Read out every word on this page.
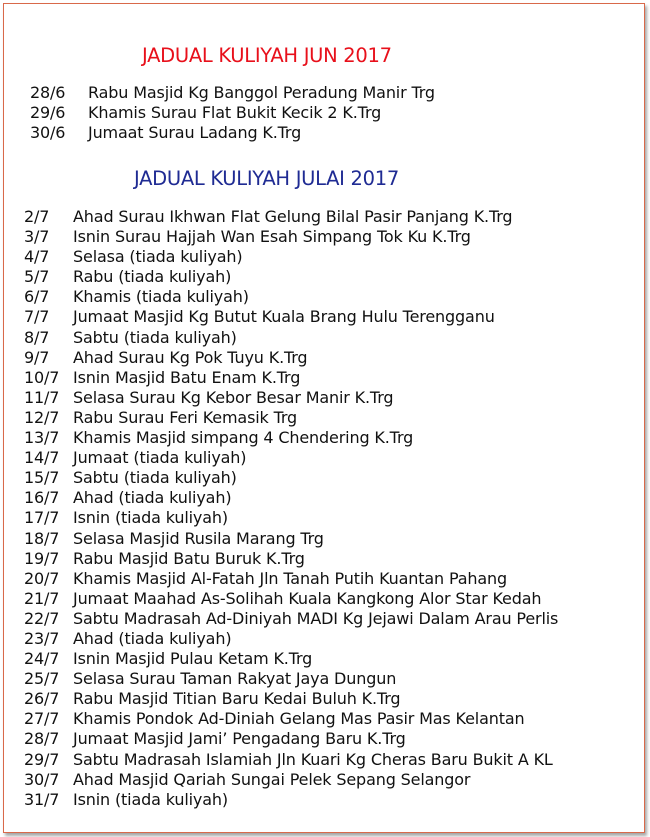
JADUAL KULIYAH JUN 2017
28/6 Rabu Masjid Kg Banggol Peradung Manir Trg
29/6 Khamis Surau Flat Bukit Kecik 2 K.Trg
30/6 Jumaat Surau Ladang K.Trg
JADUAL KULIYAH JULAI 2017
2/7 Ahad Surau Ikhwan Flat Gelung Bilal Pasir Panjang K.Trg
3/7 Isnin Surau Hajjah Wan Esah Simpang Tok Ku K.Trg
4/7 Selasa (tiada kuliyah)
5/7 Rabu (tiada kuliyah)
6/7 Khamis (tiada kuliyah)
7/7 Jumaat Masjid Kg Butut Kuala Brang Hulu Terengganu
8/7 Sabtu (tiada kuliyah)
9/7 Ahad Surau Kg Pok Tuyu K.Trg
10/7 Isnin Masjid Batu Enam K.Trg
11/7 Selasa Surau Kg Kebor Besar Manir K.Trg
12/7 Rabu Surau Feri Kemasik Trg
13/7 Khamis Masjid simpang 4 Chendering K.Trg
14/7 Jumaat (tiada kuliyah)
15/7 Sabtu (tiada kuliyah)
16/7 Ahad (tiada kuliyah)
17/7 Isnin (tiada kuliyah)
18/7 Selasa Masjid Rusila Marang Trg
19/7 Rabu Masjid Batu Buruk K.Trg
20/7 Khamis Masjid Al-Fatah Jln Tanah Putih Kuantan Pahang
21/7 Jumaat Maahad As-Solihah Kuala Kangkong Alor Star Kedah
22/7 Sabtu Madrasah Ad-Diniyah MADI Kg Jejawi Dalam Arau Perlis
23/7 Ahad (tiada kuliyah)
24/7 Isnin Masjid Pulau Ketam K.Trg
25/7 Selasa Surau Taman Rakyat Jaya Dungun
26/7 Rabu Masjid Titian Baru Kedai Buluh K.Trg
27/7 Khamis Pondok Ad-Diniah Gelang Mas Pasir Mas Kelantan
28/7 Jumaat Masjid Jami’ Pengadang Baru K.Trg
29/7 Sabtu Madrasah Islamiah Jln Kuari Kg Cheras Baru Bukit A KL
30/7 Ahad Masjid Qariah Sungai Pelek Sepang Selangor
31/7 Isnin (tiada kuliyah)
